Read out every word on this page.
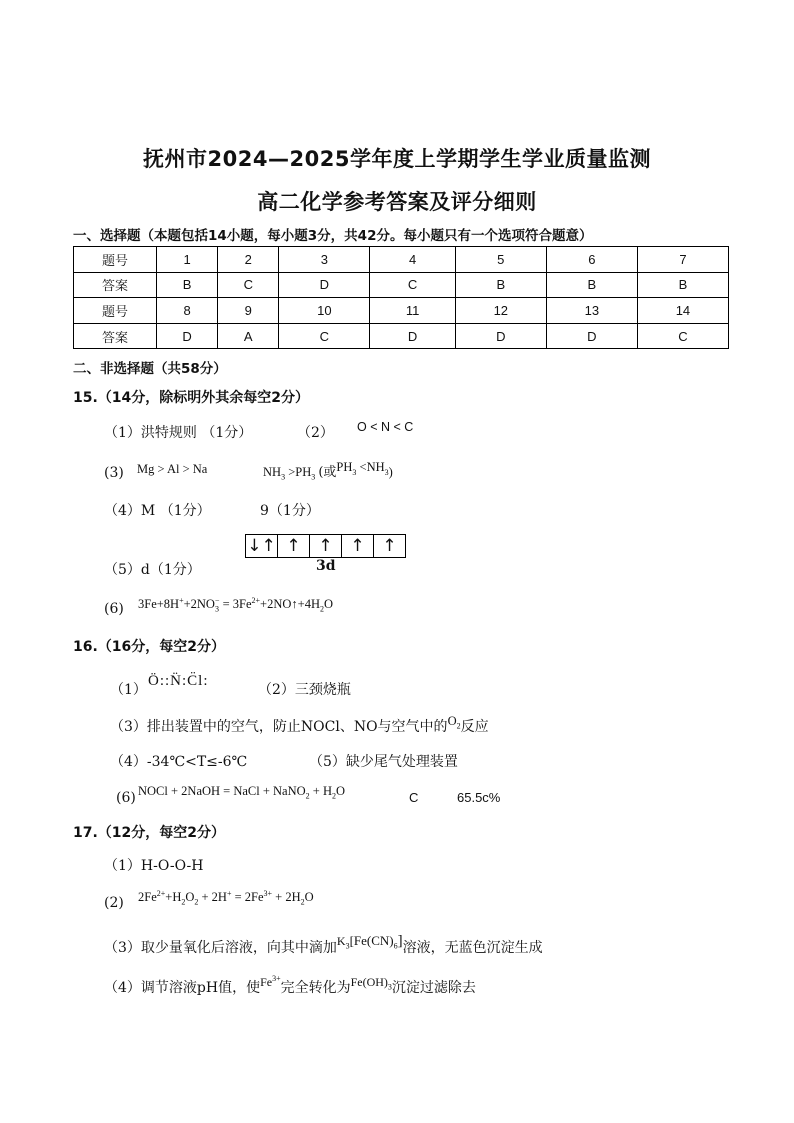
抚州市2024—2025学年度上学期学生学业质量监测
高二化学参考答案及评分细则
一、选择题（本题包括14小题，每小题3分，共42分。每小题只有一个选项符合题意）
题号	1	2	3	4	5	6	7
答案	B	C	D	C	B	B	B
题号	8	9	10	11	12	13	14
答案	D	A	C	D	D	D	C
二、非选择题（共58分）
15.（14分，除标明外其余每空2分）
（1）洪特规则 （1分）	（2） O < N < C
(3) Mg > Al > Na	$NH_3 >PH_3$ (或$PH_3 <NH_3$)
（4）M （1分）	9（1分）
↓↑ ↑	↑	↑	↑
3d
（5）d（1分）
(6) $3Fe+8H^++2NO_3^-$ = $3Fe^{2+}+2NO↑+4H_2O$
16.（16分，每空2分）
（1）
Ö::N̈:C̈l:
（2）三颈烧瓶
（3）排出装置中的空气，防止NOCl、NO与空气中的$O_2$反应
（4）-34℃<T≤-6℃	（5）缺少尾气处理装置
(6) NOCl + 2NaOH = NaCl + NaNO$_2$ + $H_2O$	C	65.5c%
17.（12分，每空2分）
（1）H-O-O-H
(2) $2Fe^{2+}+H_2O_2 + 2H^+ = 2Fe^{3+} + 2H_2O$
（3）取少量氧化后溶液，向其中滴加$K_3[Fe(CN)_6]$溶液，无蓝色沉淀生成
（4）调节溶液pH值，使$Fe^{3+}$完全转化为$Fe(OH)_3$沉淀过滤除去
